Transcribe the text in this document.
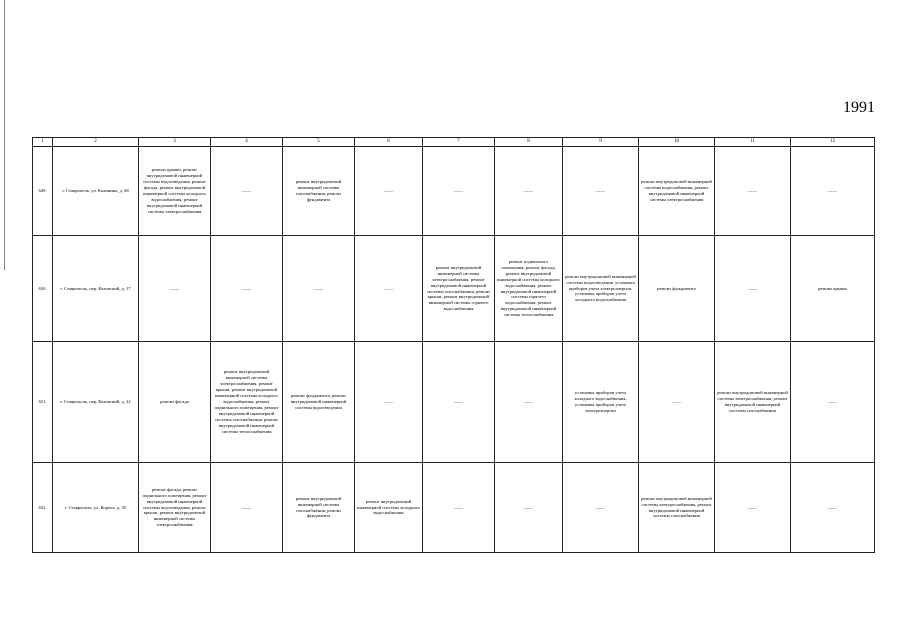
1991
1	2	3	4	5	6	7	8	9	10	11	12
649.	г. Ставрополь, ул. Калинина, д. 68	ремонт крыши, ремонт внутридомовой инженерной системы водоотведения, ремонт фасада, ремонт внутридомовой инженерной системы холодного водоснабжения, ремонт внутридомовой инженерной системы электроснабжения	——	ремонт внутридомовой инженерной системы газоснабжения, ремонт фундамента	——	——	——	——	ремонт внутридомовой инженерной системы водоснабжения, ремонт внутридомовой инженерной системы электроснабжения	——	——
650.	г. Ставрополь, пер. Каховский, д. 17	——	——	——	——	ремонт внутридомовой инженерной системы электроснабжения, ремонт внутридомовой инженерной системы газоснабжения, ремонт крыши, ремонт внутридомовой инженерной системы горячего водоснабжения	ремонт подвального помещения, ремонт фасада, ремонт внутридомовой инженерной системы холодного водоснабжения, ремонт внутридомовой инженерной системы горячего водоснабжения, ремонт внутридомовой инженерной системы теплоснабжения	ремонт внутридомовой инженерной системы водоотведения, установка приборов учета электроэнергии, установка приборов учета холодного водоснабжения	ремонт фундамента	——	ремонт крыши
651.	г. Ставрополь, пер. Каховский, д. 22	ремонт фасада	ремонт внутридомовой инженерной системы электроснабжения, ремонт крыши, ремонт внутридомовой инженерной системы холодного водоснабжения, ремонт подвального помещения, ремонт внутридомовой инженерной системы газоснабжения, ремонт внутридомовой инженерной системы теплоснабжения	ремонт фундамента, ремонт внутридомовой инженерной системы водоотведения	——	——	——	установка приборов учета холодного водоснабжения, установка приборов учета электроэнергии	——	ремонт внутридомовой инженерной системы электроснабжения, ремонт внутридомовой инженерной системы газоснабжения	——
652.	г. Ставрополь, ул. Король, д. 35	ремонт фасада, ремонт подвального помещения, ремонт внутридомовой инженерной системы водоотведения, ремонт крыши, ремонт внутридомовой инженерной системы электроснабжения	——	ремонт внутридомовой инженерной системы газоснабжения, ремонт фундамента	ремонт внутридомовой инженерной системы холодного водоснабжения	——	——	——	ремонт внутридомовой инженерной системы электроснабжения, ремонт внутридомовой инженерной системы газоснабжения	——	——
